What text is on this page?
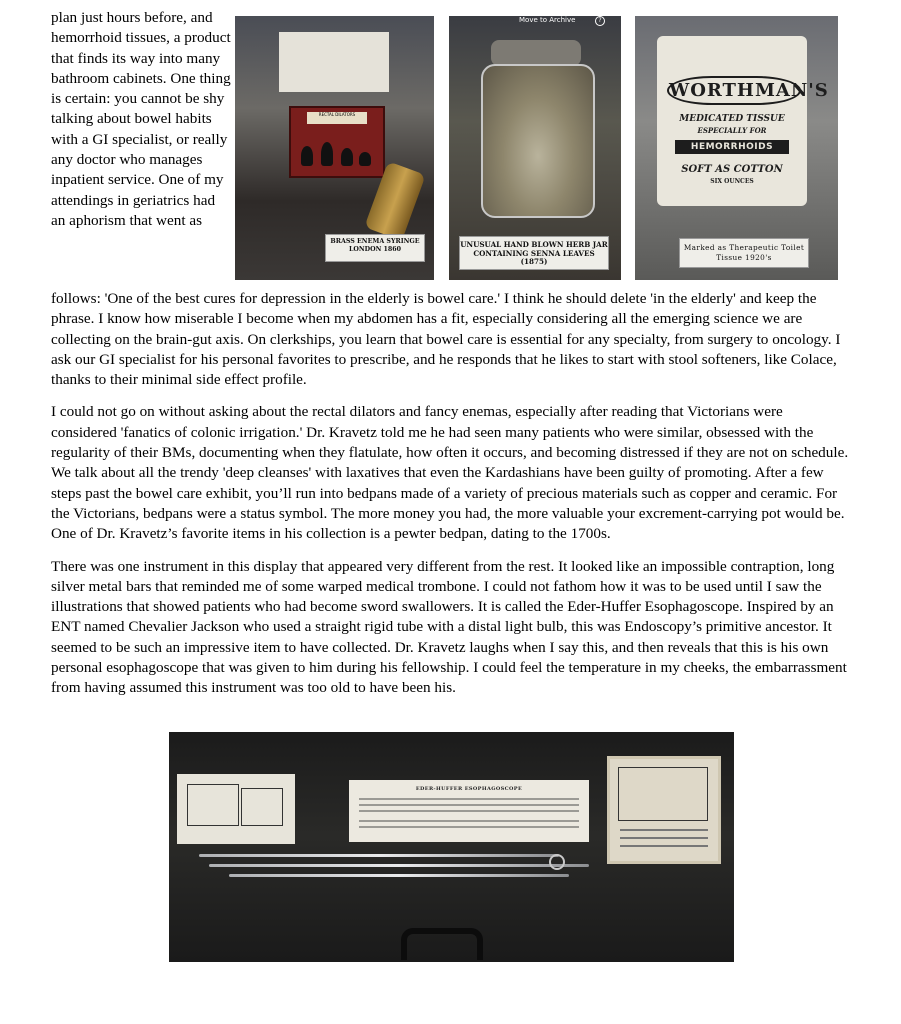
plan just hours before, and hemorrhoid tissues, a product that finds its way into many bathroom cabinets. One thing is certain: you cannot be shy talking about bowel habits with a GI specialist, or really any doctor who manages inpatient service. One of my attendings in geriatrics had an aphorism that went as

RECTAL DILATORS
BRASS ENEMA SYRINGE LONDON 1860
Move to Archive	?
UNUSUAL HAND BLOWN HERB JAR CONTAINING SENNA LEAVES (1875)
WORTHMAN'S
MEDICATED TISSUE
ESPECIALLY FOR
HEMORRHOIDS
SOFT AS COTTON
SIX OUNCES
Marked as Therapeutic Toilet Tissue 1920's

follows: 'One of the best cures for depression in the elderly is bowel care.' I think he should delete 'in the elderly' and keep the phrase. I know how miserable I become when my abdomen has a fit, especially considering all the emerging science we are collecting on the brain-gut axis. On clerkships, you learn that bowel care is essential for any specialty, from surgery to oncology. I ask our GI specialist for his personal favorites to prescribe, and he responds that he likes to start with stool softeners, like Colace, thanks to their minimal side effect profile.

I could not go on without asking about the rectal dilators and fancy enemas, especially after reading that Victorians were considered 'fanatics of colonic irrigation.' Dr. Kravetz told me he had seen many patients who were similar, obsessed with the regularity of their BMs, documenting when they flatulate, how often it occurs, and becoming distressed if they are not on schedule. We talk about all the trendy 'deep cleanses' with laxatives that even the Kardashians have been guilty of promoting. After a few steps past the bowel care exhibit, you’ll run into bedpans made of a variety of precious materials such as copper and ceramic. For the Victorians, bedpans were a status symbol. The more money you had, the more valuable your excrement-carrying pot would be. One of Dr. Kravetz’s favorite items in his collection is a pewter bedpan, dating to the 1700s.

There was one instrument in this display that appeared very different from the rest. It looked like an impossible contraption, long silver metal bars that reminded me of some warped medical trombone. I could not fathom how it was to be used until I saw the illustrations that showed patients who had become sword swallowers. It is called the Eder-Huffer Esophagoscope. Inspired by an ENT named Chevalier Jackson who used a straight rigid tube with a distal light bulb, this was Endoscopy’s primitive ancestor. It seemed to be such an impressive item to have collected. Dr. Kravetz laughs when I say this, and then reveals that this is his own personal esophagoscope that was given to him during his fellowship. I could feel the temperature in my cheeks, the embarrassment from having assumed this instrument was too old to have been his.

EDER-HUFFER ESOPHAGOSCOPE
